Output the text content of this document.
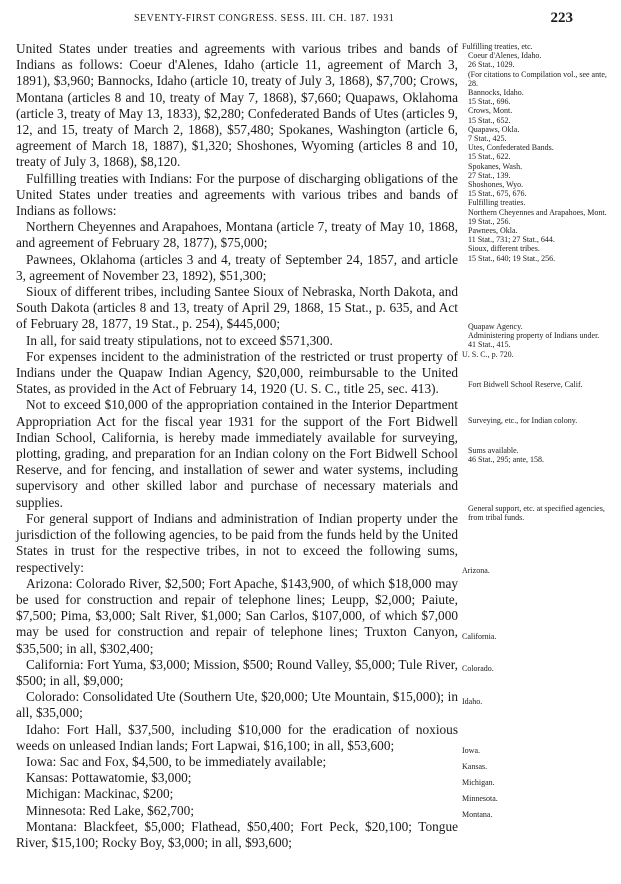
SEVENTY-FIRST CONGRESS. SESS. III. CH. 187. 1931	223

United States under treaties and agreements with various tribes and bands of Indians as follows: Coeur d'Alenes, Idaho (article 11, agreement of March 3, 1891), $3,960; Bannocks, Idaho (article 10, treaty of July 3, 1868), $7,700; Crows, Montana (articles 8 and 10, treaty of May 7, 1868), $7,660; Quapaws, Oklahoma (article 3, treaty of May 13, 1833), $2,280; Confederated Bands of Utes (articles 9, 12, and 15, treaty of March 2, 1868), $57,480; Spokanes, Washington (article 6, agreement of March 18, 1887), $1,320; Shoshones, Wyoming (articles 8 and 10, treaty of July 3, 1868), $8,120.

Fulfilling treaties with Indians: For the purpose of discharging obligations of the United States under treaties and agreements with various tribes and bands of Indians as follows:

Northern Cheyennes and Arapahoes, Montana (article 7, treaty of May 10, 1868, and agreement of February 28, 1877), $75,000;

Pawnees, Oklahoma (articles 3 and 4, treaty of September 24, 1857, and article 3, agreement of November 23, 1892), $51,300;

Sioux of different tribes, including Santee Sioux of Nebraska, North Dakota, and South Dakota (articles 8 and 13, treaty of April 29, 1868, 15 Stat., p. 635, and Act of February 28, 1877, 19 Stat., p. 254), $445,000;

In all, for said treaty stipulations, not to exceed $571,300.

For expenses incident to the administration of the restricted or trust property of Indians under the Quapaw Indian Agency, $20,000, reimbursable to the United States, as provided in the Act of February 14, 1920 (U. S. C., title 25, sec. 413).

Not to exceed $10,000 of the appropriation contained in the Interior Department Appropriation Act for the fiscal year 1931 for the support of the Fort Bidwell Indian School, California, is hereby made immediately available for surveying, plotting, grading, and preparation for an Indian colony on the Fort Bidwell School Reserve, and for fencing, and installation of sewer and water systems, including supervisory and other skilled labor and purchase of necessary materials and supplies.

For general support of Indians and administration of Indian property under the jurisdiction of the following agencies, to be paid from the funds held by the United States in trust for the respective tribes, in not to exceed the following sums, respectively:

Arizona: Colorado River, $2,500; Fort Apache, $143,900, of which $18,000 may be used for construction and repair of telephone lines; Leupp, $2,000; Paiute, $7,500; Pima, $3,000; Salt River, $1,000; San Carlos, $107,000, of which $7,000 may be used for construction and repair of telephone lines; Truxton Canyon, $35,500; in all, $302,400;

California: Fort Yuma, $3,000; Mission, $500; Round Valley, $5,000; Tule River, $500; in all, $9,000;

Colorado: Consolidated Ute (Southern Ute, $20,000; Ute Mountain, $15,000); in all, $35,000;

Idaho: Fort Hall, $37,500, including $10,000 for the eradication of noxious weeds on unleased Indian lands; Fort Lapwai, $16,100; in all, $53,600;

Iowa: Sac and Fox, $4,500, to be immediately available;

Kansas: Pottawatomie, $3,000;

Michigan: Mackinac, $200;

Minnesota: Red Lake, $62,700;

Montana: Blackfeet, $5,000; Flathead, $50,400; Fort Peck, $20,100; Tongue River, $15,100; Rocky Boy, $3,000; in all, $93,600;

Fulfilling treaties, etc.
Coeur d'Alenes, Idaho.
26 Stat., 1029.
(For citations to Compilation vol., see ante, 28.
Bannocks, Idaho.
15 Stat., 696.
Crows, Mont.
15 Stat., 652.
Quapaws, Okla.
7 Stat., 425.
Utes, Confederated Bands.
15 Stat., 622.
Spokanes, Wash.
27 Stat., 139.
Shoshones, Wyo.
15 Stat., 675, 676.
Fulfilling treaties.
Northern Cheyennes and Arapahoes, Mont.
19 Stat., 256.
Pawnees, Okla.
11 Stat., 731; 27 Stat., 644.
Sioux, different tribes.
15 Stat., 640; 19 Stat., 256.
Quapaw Agency.
Administering property of Indians under.
41 Stat., 415.
U. S. C., p. 720.
Fort Bidwell School Reserve, Calif.
Surveying, etc., for Indian colony.
Sums available.
46 Stat., 295; ante, 158.
General support, etc. at specified agencies, from tribal funds.
Arizona.
California.
Colorado.
Idaho.
Iowa.
Kansas.
Michigan.
Minnesota.
Montana.
